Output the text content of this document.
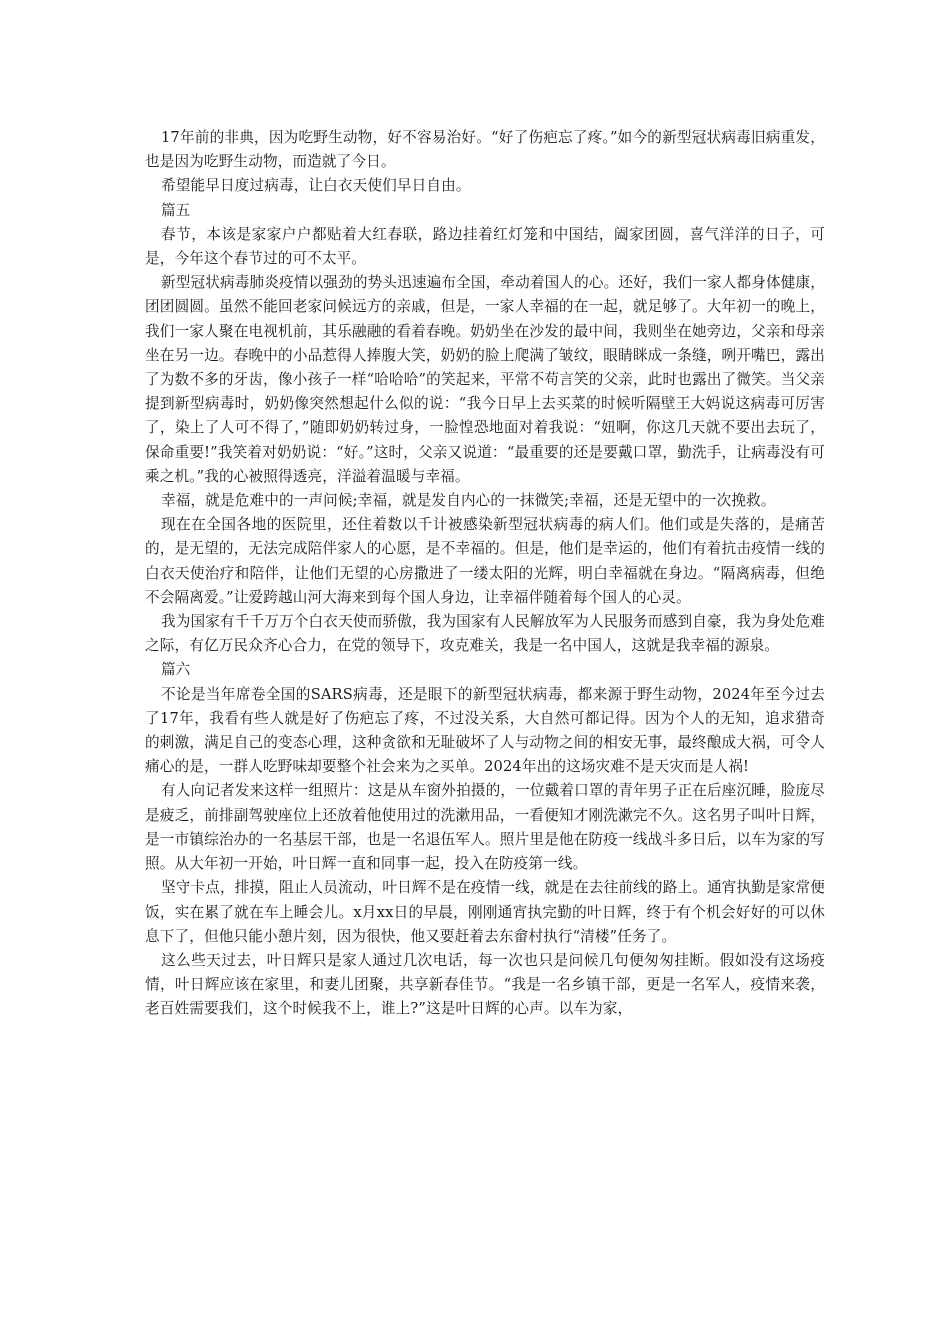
17年前的非典，因为吃野生动物，好不容易治好。“好了伤疤忘了疼。”如今的新型冠状病毒旧病重发，也是因为吃野生动物，而造就了今日。

希望能早日度过病毒，让白衣天使们早日自由。

篇五

春节，本该是家家户户都贴着大红春联，路边挂着红灯笼和中国结，阖家团圆，喜气洋洋的日子，可是，今年这个春节过的可不太平。

新型冠状病毒肺炎疫情以强劲的势头迅速遍布全国，牵动着国人的心。还好，我们一家人都身体健康，团团圆圆。虽然不能回老家问候远方的亲戚，但是，一家人幸福的在一起，就足够了。大年初一的晚上，我们一家人聚在电视机前，其乐融融的看着春晚。奶奶坐在沙发的最中间，我则坐在她旁边，父亲和母亲坐在另一边。春晚中的小品惹得人捧腹大笑，奶奶的脸上爬满了皱纹，眼睛眯成一条缝，咧开嘴巴，露出了为数不多的牙齿，像小孩子一样“哈哈哈”的笑起来，平常不苟言笑的父亲，此时也露出了微笑。当父亲提到新型病毒时，奶奶像突然想起什么似的说：“我今日早上去买菜的时候听隔壁王大妈说这病毒可厉害了，染上了人可不得了，”随即奶奶转过身，一脸惶恐地面对着我说：“妞啊，你这几天就不要出去玩了，保命重要!”我笑着对奶奶说：“好。”这时，父亲又说道：“最重要的还是要戴口罩，勤洗手，让病毒没有可乘之机。”我的心被照得透亮，洋溢着温暖与幸福。

幸福，就是危难中的一声问候;幸福，就是发自内心的一抹微笑;幸福，还是无望中的一次挽救。

现在在全国各地的医院里，还住着数以千计被感染新型冠状病毒的病人们。他们或是失落的，是痛苦的，是无望的，无法完成陪伴家人的心愿，是不幸福的。但是，他们是幸运的，他们有着抗击疫情一线的白衣天使治疗和陪伴，让他们无望的心房撒进了一缕太阳的光辉，明白幸福就在身边。“隔离病毒，但绝不会隔离爱。”让爱跨越山河大海来到每个国人身边，让幸福伴随着每个国人的心灵。

我为国家有千千万万个白衣天使而骄傲，我为国家有人民解放军为人民服务而感到自豪，我为身处危难之际，有亿万民众齐心合力，在党的领导下，攻克难关，我是一名中国人，这就是我幸福的源泉。

篇六

不论是当年席卷全国的SARS病毒，还是眼下的新型冠状病毒，都来源于野生动物，2024年至今过去了17年，我看有些人就是好了伤疤忘了疼，不过没关系，大自然可都记得。因为个人的无知，追求猎奇的刺激，满足自己的变态心理，这种贪欲和无耻破坏了人与动物之间的相安无事，最终酿成大祸，可令人痛心的是，一群人吃野味却要整个社会来为之买单。2024年出的这场灾难不是天灾而是人祸!

有人向记者发来这样一组照片：这是从车窗外拍摄的，一位戴着口罩的青年男子正在后座沉睡，脸庞尽是疲乏，前排副驾驶座位上还放着他使用过的洗漱用品，一看便知才刚洗漱完不久。这名男子叫叶日辉，是一市镇综治办的一名基层干部，也是一名退伍军人。照片里是他在防疫一线战斗多日后，以车为家的写照。从大年初一开始，叶日辉一直和同事一起，投入在防疫第一线。

坚守卡点，排摸，阻止人员流动，叶日辉不是在疫情一线，就是在去往前线的路上。通宵执勤是家常便饭，实在累了就在车上睡会儿。x月xx日的早晨，刚刚通宵执完勤的叶日辉，终于有个机会好好的可以休息下了，但他只能小憩片刻，因为很快，他又要赶着去东畲村执行“清楼”任务了。

这么些天过去，叶日辉只是家人通过几次电话，每一次也只是问候几句便匆匆挂断。假如没有这场疫情，叶日辉应该在家里，和妻儿团聚，共享新春佳节。“我是一名乡镇干部，更是一名军人，疫情来袭，老百姓需要我们，这个时候我不上，谁上?”这是叶日辉的心声。以车为家，
